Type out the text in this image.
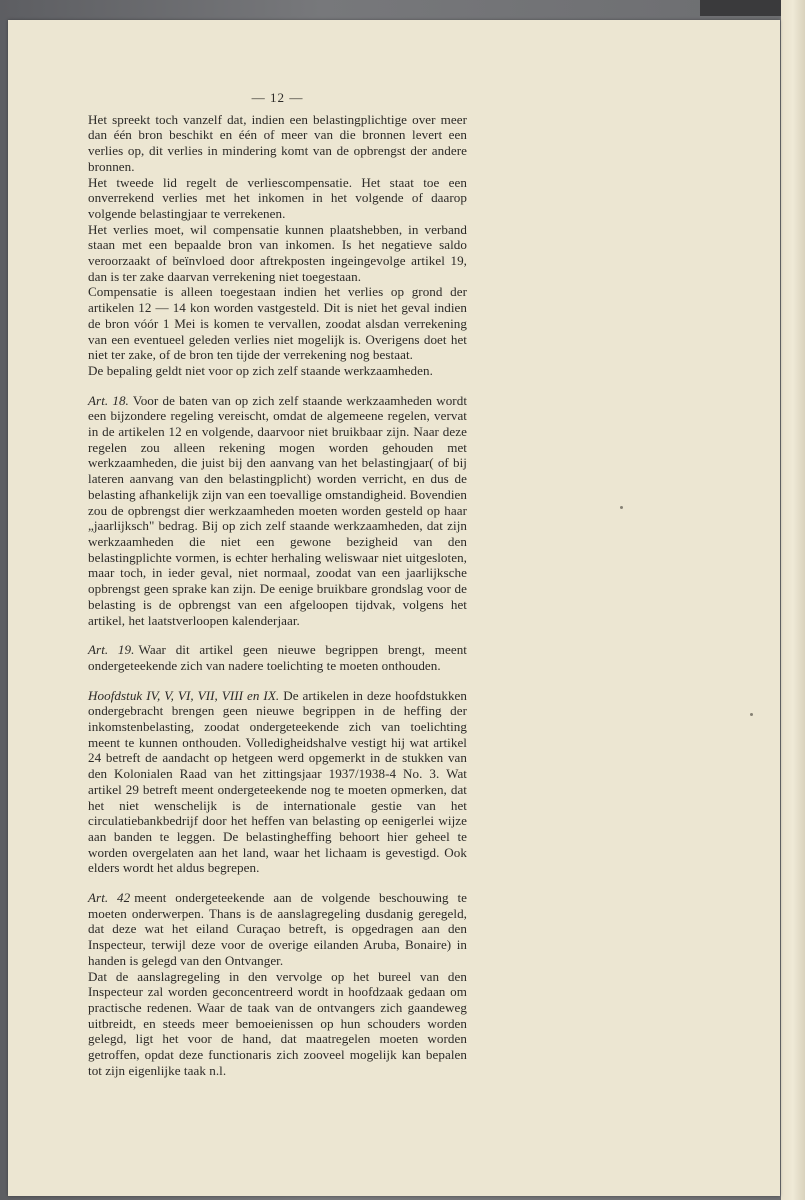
— 12 —

Het spreekt toch vanzelf dat, indien een belastingplichtige over meer dan één bron beschikt en één of meer van die bronnen levert een verlies op, dit verlies in mindering komt van de opbrengst der andere bronnen.

Het tweede lid regelt de verliescompensatie. Het staat toe een onverrekend verlies met het inkomen in het volgende of daarop volgende belastingjaar te verrekenen.

Het verlies moet, wil compensatie kunnen plaatshebben, in verband staan met een bepaalde bron van inkomen. Is het negatieve saldo veroorzaakt of beïnvloed door aftrekposten ingeingevolge artikel 19, dan is ter zake daarvan verrekening niet toegestaan.

Compensatie is alleen toegestaan indien het verlies op grond der artikelen 12 — 14 kon worden vastgesteld. Dit is niet het geval indien de bron vóór 1 Mei is komen te vervallen, zoodat alsdan verrekening van een eventueel geleden verlies niet mogelijk is. Overigens doet het niet ter zake, of de bron ten tijde der verrekening nog bestaat.

De bepaling geldt niet voor op zich zelf staande werkzaamheden.

Art. 18. Voor de baten van op zich zelf staande werkzaamheden wordt een bijzondere regeling vereischt, omdat de algemeene regelen, vervat in de artikelen 12 en volgende, daarvoor niet bruikbaar zijn. Naar deze regelen zou alleen rekening mogen worden gehouden met werkzaamheden, die juist bij den aanvang van het belastingjaar( of bij lateren aanvang van den belastingplicht) worden verricht, en dus de belasting afhankelijk zijn van een toevallige omstandigheid. Bovendien zou de opbrengst dier werkzaamheden moeten worden gesteld op haar „jaarlijksch" bedrag. Bij op zich zelf staande werkzaamheden, dat zijn werkzaamheden die niet een gewone bezigheid van den belastingplichte vormen, is echter herhaling weliswaar niet uitgesloten, maar toch, in ieder geval, niet normaal, zoodat van een jaarlijksche opbrengst geen sprake kan zijn. De eenige bruikbare grondslag voor de belasting is de opbrengst van een afgeloopen tijdvak, volgens het artikel, het laatstverloopen kalenderjaar.

Art. 19. Waar dit artikel geen nieuwe begrippen brengt, meent ondergeteekende zich van nadere toelichting te moeten onthouden.

Hoofdstuk IV, V, VI, VII, VIII en IX. De artikelen in deze hoofdstukken ondergebracht brengen geen nieuwe begrippen in de heffing der inkomstenbelasting, zoodat ondergeteekende zich van toelichting meent te kunnen onthouden. Volledigheidshalve vestigt hij wat artikel 24 betreft de aandacht op hetgeen werd opgemerkt in de stukken van den Kolonialen Raad van het zittingsjaar 1937/1938-4 No. 3. Wat artikel 29 betreft meent ondergeteekende nog te moeten opmerken, dat het niet wenschelijk is de internationale gestie van het circulatiebankbedrijf door het heffen van belasting op eenigerlei wijze aan banden te leggen. De belastingheffing behoort hier geheel te worden overgelaten aan het land, waar het lichaam is gevestigd. Ook elders wordt het aldus begrepen.

Art. 42 meent ondergeteekende aan de volgende beschouwing te moeten onderwerpen. Thans is de aanslagregeling dusdanig geregeld, dat deze wat het eiland Curaçao betreft, is opgedragen aan den Inspecteur, terwijl deze voor de overige eilanden Aruba, Bonaire) in handen is gelegd van den Ontvanger.

Dat de aanslagregeling in den vervolge op het bureel van den Inspecteur zal worden geconcentreerd wordt in hoofdzaak gedaan om practische redenen. Waar de taak van de ontvangers zich gaandeweg uitbreidt, en steeds meer bemoeienissen op hun schouders worden gelegd, ligt het voor de hand, dat maatregelen moeten worden getroffen, opdat deze functionaris zich zooveel mogelijk kan bepalen tot zijn eigenlijke taak n.l.
